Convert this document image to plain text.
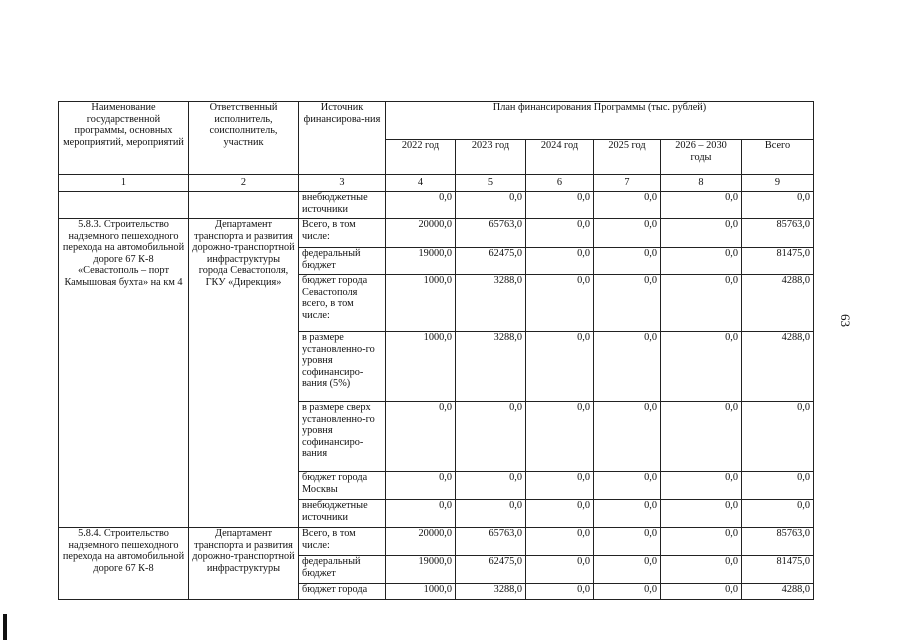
Наименование государственной программы, основных мероприятий, мероприятий	Ответственный исполнитель, соисполнитель, участник	Источник финансирова-ния	План финансирования Программы (тыс. рублей)					
			2022 год	2023 год	2024 год	2025 год	2026 – 2030 годы	Всего
1	2	3	4	5	6	7	8	9
		внебюджетные источники	0,0	0,0	0,0	0,0	0,0	0,0
5.8.3. Строительство надземного пешеходного перехода на автомобильной дороге 67 К-8 «Севастополь – порт Камышовая бухта» на км 4	Департамент транспорта и развития дорожно-транспортной инфраструктуры города Севастополя, ГКУ «Дирекция»	Всего, в том числе:	20000,0	65763,0	0,0	0,0	0,0	85763,0
		федеральный бюджет	19000,0	62475,0	0,0	0,0	0,0	81475,0
		бюджет города Севастополя всего, в том числе:	1000,0	3288,0	0,0	0,0	0,0	4288,0
		в размере установленно-го уровня софинансиро-вания (5%)	1000,0	3288,0	0,0	0,0	0,0	4288,0
		в размере сверх установленно-го уровня софинансиро-вания	0,0	0,0	0,0	0,0	0,0	0,0
		бюджет города Москвы	0,0	0,0	0,0	0,0	0,0	0,0
		внебюджетные источники	0,0	0,0	0,0	0,0	0,0	0,0
5.8.4. Строительство надземного пешеходного перехода на автомобильной дороге 67 К-8	Департамент транспорта и развития дорожно-транспортной инфраструктуры	Всего, в том числе:	20000,0	65763,0	0,0	0,0	0,0	85763,0
		федеральный бюджет	19000,0	62475,0	0,0	0,0	0,0	81475,0
		бюджет города	1000,0	3288,0	0,0	0,0	0,0	4288,0
63
